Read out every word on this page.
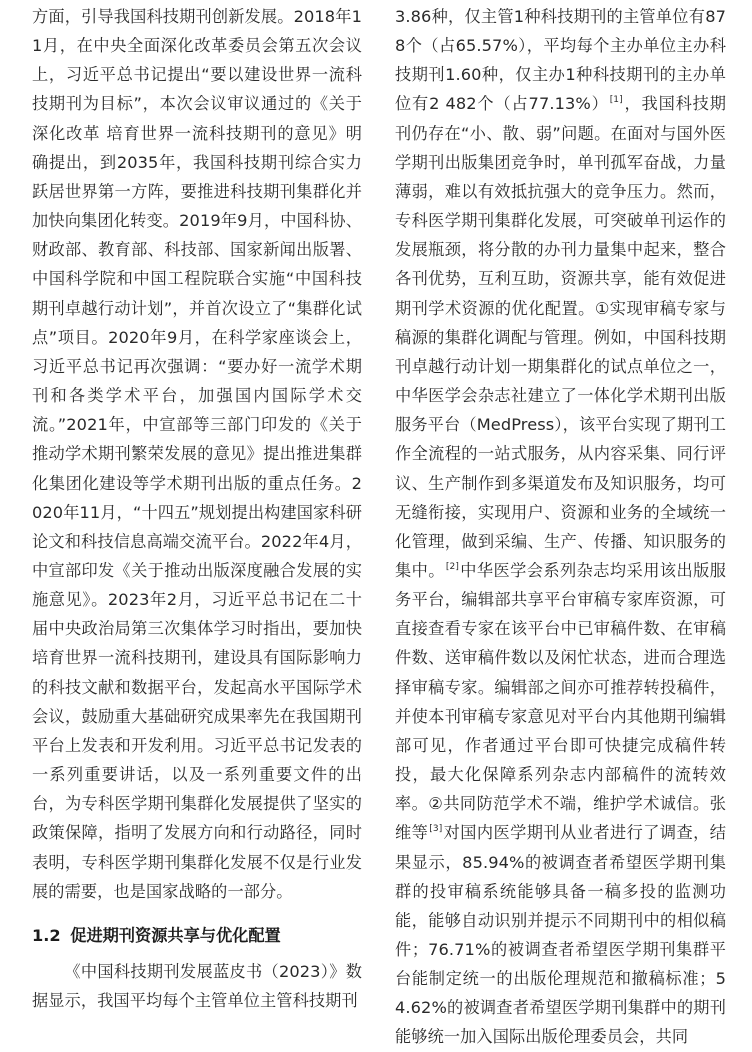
方面，引导我国科技期刊创新发展。2018年11月，在中央全面深化改革委员会第五次会议上，习近平总书记提出“要以建设世界一流科技期刊为目标”，本次会议审议通过的《关于深化改革 培育世界一流科技期刊的意见》明确提出，到2035年，我国科技期刊综合实力跃居世界第一方阵，要推进科技期刊集群化并加快向集团化转变。2019年9月，中国科协、财政部、教育部、科技部、国家新闻出版署、中国科学院和中国工程院联合实施“中国科技期刊卓越行动计划”，并首次设立了“集群化试点”项目。2020年9月，在科学家座谈会上，习近平总书记再次强调：“要办好一流学术期刊和各类学术平台，加强国内国际学术交流。”2021年，中宣部等三部门印发的《关于推动学术期刊繁荣发展的意见》提出推进集群化集团化建设等学术期刊出版的重点任务。2020年11月，“十四五”规划提出构建国家科研论文和科技信息高端交流平台。2022年4月，中宣部印发《关于推动出版深度融合发展的实施意见》。2023年2月，习近平总书记在二十届中央政治局第三次集体学习时指出，要加快培育世界一流科技期刊，建设具有国际影响力的科技文献和数据平台，发起高水平国际学术会议，鼓励重大基础研究成果率先在我国期刊平台上发表和开发利用。习近平总书记发表的一系列重要讲话，以及一系列重要文件的出台，为专科医学期刊集群化发展提供了坚实的政策保障，指明了发展方向和行动路径，同时表明，专科医学期刊集群化发展不仅是行业发展的需要，也是国家战略的一部分。

1.2 促进期刊资源共享与优化配置

《中国科技期刊发展蓝皮书（2023）》数据显示，我国平均每个主管单位主管科技期刊

3.86种，仅主管1种科技期刊的主管单位有878个（占65.57%），平均每个主办单位主办科技期刊1.60种，仅主办1种科技期刊的主办单位有2 482个（占77.13%）[1]，我国科技期刊仍存在“小、散、弱”问题。在面对与国外医学期刊出版集团竞争时，单刊孤军奋战，力量薄弱，难以有效抵抗强大的竞争压力。然而，专科医学期刊集群化发展，可突破单刊运作的发展瓶颈，将分散的办刊力量集中起来，整合各刊优势，互利互助，资源共享，能有效促进期刊学术资源的优化配置。①实现审稿专家与稿源的集群化调配与管理。例如，中国科技期刊卓越行动计划一期集群化的试点单位之一，中华医学会杂志社建立了一体化学术期刊出版服务平台（MedPress），该平台实现了期刊工作全流程的一站式服务，从内容采集、同行评议、生产制作到多渠道发布及知识服务，均可无缝衔接，实现用户、资源和业务的全域统一化管理，做到采编、生产、传播、知识服务的集中。[2]中华医学会系列杂志均采用该出版服务平台，编辑部共享平台审稿专家库资源，可直接查看专家在该平台中已审稿件数、在审稿件数、送审稿件数以及闲忙状态，进而合理选择审稿专家。编辑部之间亦可推荐转投稿件，并使本刊审稿专家意见对平台内其他期刊编辑部可见，作者通过平台即可快捷完成稿件转投，最大化保障系列杂志内部稿件的流转效率。②共同防范学术不端，维护学术诚信。张维等[3]对国内医学期刊从业者进行了调查，结果显示，85.94%的被调查者希望医学期刊集群的投审稿系统能够具备一稿多投的监测功能，能够自动识别并提示不同期刊中的相似稿件；76.71%的被调查者希望医学期刊集群平台能制定统一的出版伦理规范和撤稿标准；54.62%的被调查者希望医学期刊集群中的期刊能够统一加入国际出版伦理委员会，共同
